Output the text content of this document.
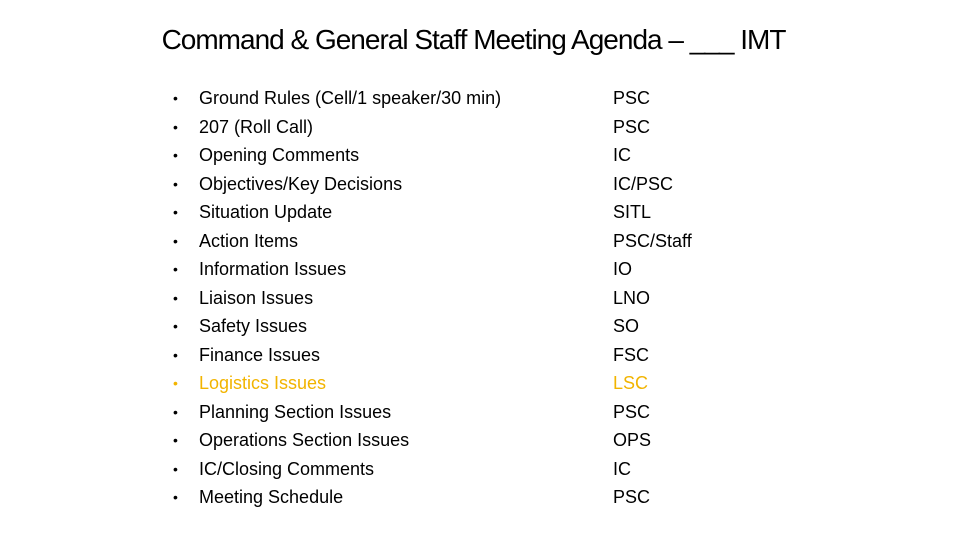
Command & General Staff Meeting Agenda – ___ IMT
• Ground Rules (Cell/1 speaker/30 min)	PSC
• 207 (Roll Call)	PSC
• Opening Comments	IC
• Objectives/Key Decisions	IC/PSC
• Situation Update	SITL
• Action Items	PSC/Staff
• Information Issues	IO
• Liaison Issues	LNO
• Safety Issues	SO
• Finance Issues	FSC
• Logistics Issues	LSC
• Planning Section Issues	PSC
• Operations Section Issues	OPS
• IC/Closing Comments	IC
• Meeting Schedule	PSC
